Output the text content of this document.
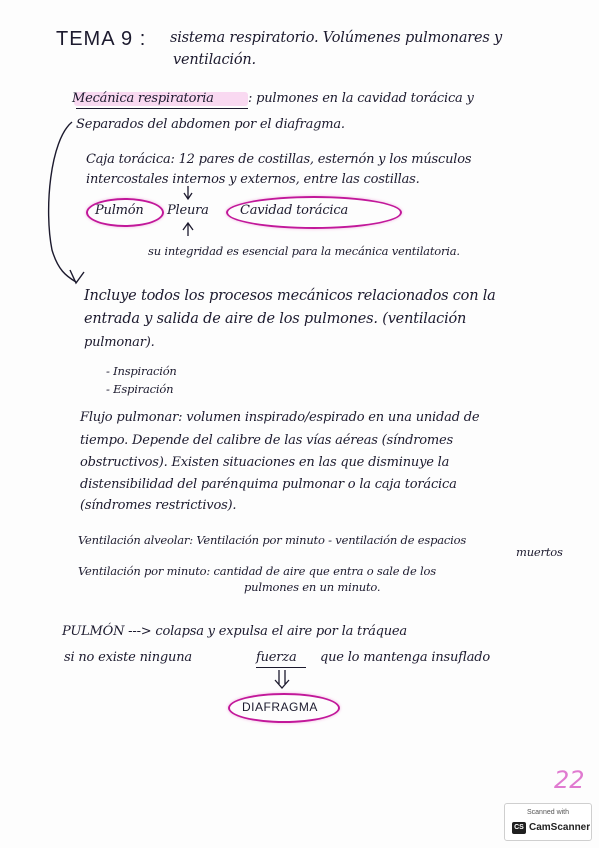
TEMA 9 : sistema respiratorio. Volúmenes pulmonares y
ventilación.
Mecánica respiratoria	: pulmones en la cavidad torácica y
Separados del abdomen por el diafragma.
Caja torácica: 12 pares de costillas, esternón y los músculos
intercostales internos y externos, entre las costillas.
Pulmón Pleura Cavidad torácica
su integridad es esencial para la mecánica ventilatoria.
Incluye todos los procesos mecánicos relacionados con la
entrada y salida de aire de los pulmones. (ventilación
pulmonar).
- Inspiración
- Espiración
Flujo pulmonar: volumen inspirado/espirado en una unidad de
tiempo. Depende del calibre de las vías aéreas (síndromes
obstructivos). Existen situaciones en las que disminuye la
distensibilidad del parénquima pulmonar o la caja torácica
(síndromes restrictivos).
Ventilación alveolar: Ventilación por minuto - ventilación de espacios
muertos
Ventilación por minuto: cantidad de aire que entra o sale de los
pulmones en un minuto.
PULMÓN ---> colapsa y expulsa el aire por la tráquea
si no existe ninguna	fuerza que lo mantenga insuflado
DIAFRAGMA
22
Scanned with
CS CamScanner
